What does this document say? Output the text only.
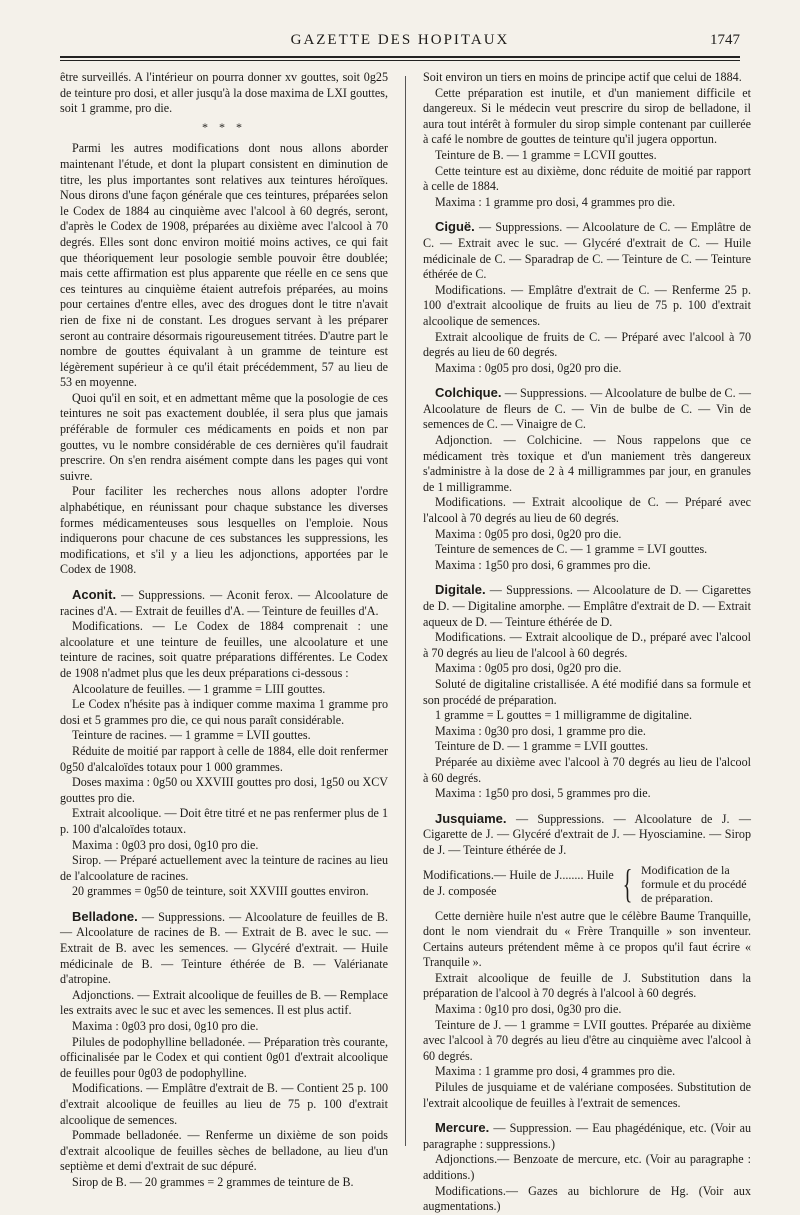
GAZETTE DES HOPITAUX	1747

être surveillés. A l'intérieur on pourra donner xv gouttes, soit 0g25 de teinture pro dosi, et aller jusqu'à la dose maxima de LXI gouttes, soit 1 gramme, pro die.

* * *

Parmi les autres modifications dont nous allons aborder maintenant l'étude, et dont la plupart consistent en diminution de titre, les plus importantes sont relatives aux teintures héroïques. Nous dirons d'une façon générale que ces teintures, préparées selon le Codex de 1884 au cinquième avec l'alcool à 60 degrés, seront, d'après le Codex de 1908, préparées au dixième avec l'alcool à 70 degrés. Elles sont donc environ moitié moins actives, ce qui fait que théoriquement leur posologie semble pouvoir être doublée; mais cette affirmation est plus apparente que réelle en ce sens que ces teintures au cinquième étaient autrefois préparées, au moins pour certaines d'entre elles, avec des drogues dont le titre n'avait rien de fixe ni de constant. Les drogues servant à les préparer seront au contraire désormais rigoureusement titrées. D'autre part le nombre de gouttes équivalant à un gramme de teinture est légèrement supérieur à ce qu'il était précédemment, 57 au lieu de 53 en moyenne.

Quoi qu'il en soit, et en admettant même que la posologie de ces teintures ne soit pas exactement doublée, il sera plus que jamais préférable de formuler ces médicaments en poids et non par gouttes, vu le nombre considérable de ces dernières qu'il faudrait prescrire. On s'en rendra aisément compte dans les pages qui vont suivre.

Pour faciliter les recherches nous allons adopter l'ordre alphabétique, en réunissant pour chaque substance les diverses formes médicamenteuses sous lesquelles on l'emploie. Nous indiquerons pour chacune de ces substances les suppressions, les modifications, et s'il y a lieu les adjonctions, apportées par le Codex de 1908.

Aconit. — Suppressions. — Aconit ferox. — Alcoolature de racines d'A. — Extrait de feuilles d'A. — Teinture de feuilles d'A.

Modifications. — Le Codex de 1884 comprenait : une alcoolature et une teinture de feuilles, une alcoolature et une teinture de racines, soit quatre préparations différentes. Le Codex de 1908 n'admet plus que les deux préparations ci-dessous :

Alcoolature de feuilles. — 1 gramme = LIII gouttes.

Le Codex n'hésite pas à indiquer comme maxima 1 gramme pro dosi et 5 grammes pro die, ce qui nous paraît considérable.

Teinture de racines. — 1 gramme = LVII gouttes.

Réduite de moitié par rapport à celle de 1884, elle doit renfermer 0g50 d'alcaloïdes totaux pour 1 000 grammes.

Doses maxima : 0g50 ou XXVIII gouttes pro dosi, 1g50 ou XCV gouttes pro die.

Extrait alcoolique. — Doit être titré et ne pas renfermer plus de 1 p. 100 d'alcaloïdes totaux.

Maxima : 0g03 pro dosi, 0g10 pro die.

Sirop. — Préparé actuellement avec la teinture de racines au lieu de l'alcoolature de racines.

20 grammes = 0g50 de teinture, soit XXVIII gouttes environ.

Belladone. — Suppressions. — Alcoolature de feuilles de B. — Alcoolature de racines de B. — Extrait de B. avec le suc. — Extrait de B. avec les semences. — Glycéré d'extrait. — Huile médicinale de B. — Teinture éthérée de B. — Valérianate d'atropine.

Adjonctions. — Extrait alcoolique de feuilles de B. — Remplace les extraits avec le suc et avec les semences. Il est plus actif.

Maxima : 0g03 pro dosi, 0g10 pro die.

Pilules de podophylline belladonée. — Préparation très courante, officinalisée par le Codex et qui contient 0g01 d'extrait alcoolique de feuilles pour 0g03 de podophylline.

Modifications. — Emplâtre d'extrait de B. — Contient 25 p. 100 d'extrait alcoolique de feuilles au lieu de 75 p. 100 d'extrait alcoolique de semences.

Pommade belladonée. — Renferme un dixième de son poids d'extrait alcoolique de feuilles sèches de belladone, au lieu d'un septième et demi d'extrait de suc dépuré.

Sirop de B. — 20 grammes = 2 grammes de teinture de B.

Soit environ un tiers en moins de principe actif que celui de 1884.

Cette préparation est inutile, et d'un maniement difficile et dangereux. Si le médecin veut prescrire du sirop de belladone, il aura tout intérêt à formuler du sirop simple contenant par cuillerée à café le nombre de gouttes de teinture qu'il jugera opportun.

Teinture de B. — 1 gramme = LCVII gouttes.

Cette teinture est au dixième, donc réduite de moitié par rapport à celle de 1884.

Maxima : 1 gramme pro dosi, 4 grammes pro die.

Ciguë. — Suppressions. — Alcoolature de C. — Emplâtre de C. — Extrait avec le suc. — Glycéré d'extrait de C. — Huile médicinale de C. — Sparadrap de C. — Teinture de C. — Teinture éthérée de C.

Modifications. — Emplâtre d'extrait de C. — Renferme 25 p. 100 d'extrait alcoolique de fruits au lieu de 75 p. 100 d'extrait alcoolique de semences.

Extrait alcoolique de fruits de C. — Préparé avec l'alcool à 70 degrés au lieu de 60 degrés.

Maxima : 0g05 pro dosi, 0g20 pro die.

Colchique. — Suppressions. — Alcoolature de bulbe de C. — Alcoolature de fleurs de C. — Vin de bulbe de C. — Vin de semences de C. — Vinaigre de C.

Adjonction. — Colchicine. — Nous rappelons que ce médicament très toxique et d'un maniement très dangereux s'administre à la dose de 2 à 4 milligrammes par jour, en granules de 1 milligramme.

Modifications. — Extrait alcoolique de C. — Préparé avec l'alcool à 70 degrés au lieu de 60 degrés.

Maxima : 0g05 pro dosi, 0g20 pro die.

Teinture de semences de C. — 1 gramme = LVI gouttes.

Maxima : 1g50 pro dosi, 6 grammes pro die.

Digitale. — Suppressions. — Alcoolature de D. — Cigarettes de D. — Digitaline amorphe. — Emplâtre d'extrait de D. — Extrait aqueux de D. — Teinture éthérée de D.

Modifications. — Extrait alcoolique de D., préparé avec l'alcool à 70 degrés au lieu de l'alcool à 60 degrés.

Maxima : 0g05 pro dosi, 0g20 pro die.

Soluté de digitaline cristallisée. A été modifié dans sa formule et son procédé de préparation.

1 gramme = L gouttes = 1 milligramme de digitaline.

Maxima : 0g30 pro dosi, 1 gramme pro die.

Teinture de D. — 1 gramme = LVII gouttes.

Préparée au dixième avec l'alcool à 70 degrés au lieu de l'alcool à 60 degrés.

Maxima : 1g50 pro dosi, 5 grammes pro die.

Jusquiame. — Suppressions. — Alcoolature de J. — Cigarette de J. — Glycéré d'extrait de J. — Hyosciamine. — Sirop de J. — Teinture éthérée de J.

Modifications.— Huile de J........ Huile de J. composée	{ Modification de la formule et du procédé de préparation.

Cette dernière huile n'est autre que le célèbre Baume Tranquille, dont le nom viendrait du « Frère Tranquille » son inventeur. Certains auteurs prétendent même à ce propos qu'il faut écrire « Tranquile ».

Extrait alcoolique de feuille de J. Substitution dans la préparation de l'alcool à 70 degrés à l'alcool à 60 degrés.

Maxima : 0g10 pro dosi, 0g30 pro die.

Teinture de J. — 1 gramme = LVII gouttes. Préparée au dixième avec l'alcool à 70 degrés au lieu d'être au cinquième avec l'alcool à 60 degrés.

Maxima : 1 gramme pro dosi, 4 grammes pro die.

Pilules de jusquiame et de valériane composées. Substitution de l'extrait alcoolique de feuilles à l'extrait de semences.

Mercure. — Suppression. — Eau phagédénique, etc. (Voir au paragraphe : suppressions.)

Adjonctions.— Benzoate de mercure, etc. (Voir au paragraphe : additions.)

Modifications.— Gazes au bichlorure de Hg. (Voir aux augmentations.)
